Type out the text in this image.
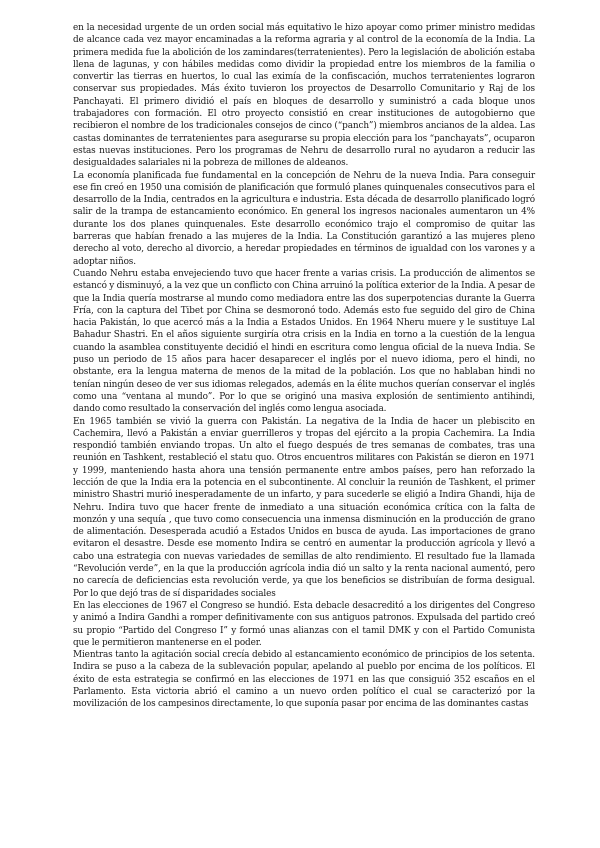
en la necesidad urgente de un orden social más equitativo le hizo apoyar como primer ministro medidas de alcance cada vez mayor encaminadas a la reforma agraria y al control de la economía de la India. La primera medida fue la abolición de los zamindares(terratenientes). Pero la legislación de abolición estaba llena de lagunas, y con hábiles medidas como dividir la propiedad entre los miembros de la familia o convertir las tierras en huertos, lo cual las eximía de la confiscación, muchos terratenientes lograron conservar sus propiedades. Más éxito tuvieron los proyectos de Desarrollo Comunitario y Raj de los Panchayati. El primero dividió el país en bloques de desarrollo y suministró a cada bloque unos trabajadores con formación. El otro proyecto consistió en crear instituciones de autogobierno que recibieron el nombre de los tradicionales consejos de cinco (“panch”) miembros ancianos de la aldea. Las castas dominantes de terratenientes para asegurarse su propia elección para los “panchayats”, ocuparon estas nuevas instituciones. Pero los programas de Nehru de desarrollo rural no ayudaron a reducir las desigualdades salariales ni la pobreza de millones de aldeanos.

La economía planificada fue fundamental en la concepción de Nehru de la nueva India. Para conseguir ese fin creó en 1950 una comisión de planificación que formuló planes quinquenales consecutivos para el desarrollo de la India, centrados en la agricultura e industria. Esta década de desarrollo planificado logró salir de la trampa de estancamiento económico. En general los ingresos nacionales aumentaron un 4% durante los dos planes quinquenales. Este desarrollo económico trajo el compromiso de quitar las barreras que habían frenado a las mujeres de la India. La Constitución garantizó a las mujeres pleno derecho al voto, derecho al divorcio, a heredar propiedades en términos de igualdad con los varones y a adoptar niños.

Cuando Nehru estaba envejeciendo tuvo que hacer frente a varias crisis. La producción de alimentos se estancó y disminuyó, a la vez que un conflicto con China arruinó la política exterior de la India. A pesar de que la India quería mostrarse al mundo como mediadora entre las dos superpotencias durante la Guerra Fría, con la captura del Tibet por China se desmoronó todo. Además esto fue seguido del giro de China hacia Pakistán, lo que acercó más a la India a Estados Unidos. En 1964 Nheru muere y le sustituye Lal Bahadur Shastri. En el años siguiente surgiría otra crisis en la India en torno a la cuestión de la lengua cuando la asamblea constituyente decidió el hindi en escritura como lengua oficial de la nueva India. Se puso un periodo de 15 años para hacer desaparecer el inglés por el nuevo idioma, pero el hindi, no obstante, era la lengua materna de menos de la mitad de la población. Los que no hablaban hindi no tenían ningún deseo de ver sus idiomas relegados, además en la élite muchos querían conservar el inglés como una “ventana al mundo”. Por lo que se originó una masiva explosión de sentimiento antihindi, dando como resultado la conservación del inglés como lengua asociada.

En 1965 también se vivió la guerra con Pakistán. La negativa de la India de hacer un plebiscito en Cachemira, llevó a Pakistán a enviar guerrilleros y tropas del ejército a la propia Cachemira. La India respondió también enviando tropas. Un alto el fuego después de tres semanas de combates, tras una reunión en Tashkent, restableció el statu quo. Otros encuentros militares con Pakistán se dieron en 1971 y 1999, manteniendo hasta ahora una tensión permanente entre ambos países, pero han reforzado la lección de que la India era la potencia en el subcontinente. Al concluir la reunión de Tashkent, el primer ministro Shastri murió inesperadamente de un infarto, y para sucederle se eligió a Indira Ghandi, hija de Nehru. Indira tuvo que hacer frente de inmediato a una situación económica crítica con la falta de monzón y una sequía , que tuvo como consecuencia una inmensa disminución en la producción de grano de alimentación. Desesperada acudió a Estados Unidos en busca de ayuda. Las importaciones de grano evitaron el desastre. Desde ese momento Indira se centró en aumentar la producción agrícola y llevó a cabo una estrategia con nuevas variedades de semillas de alto rendimiento. El resultado fue la llamada “Revolución verde”, en la que la producción agrícola india dió un salto y la renta nacional aumentó, pero no carecía de deficiencias esta revolución verde, ya que los beneficios se distribuían de forma desigual. Por lo que dejó tras de sí disparidades sociales

En las elecciones de 1967 el Congreso se hundió. Esta debacle desacreditó a los dirigentes del Congreso y animó a Indira Gandhi a romper definitivamente con sus antiguos patronos. Expulsada del partido creó su propio “Partido del Congreso I” y formó unas alianzas con el tamil DMK y con el Partido Comunista que le permitieron mantenerse en el poder.

Mientras tanto la agitación social crecía debido al estancamiento económico de principios de los setenta. Indira se puso a la cabeza de la sublevación popular, apelando al pueblo por encima de los políticos. El éxito de esta estrategia se confirmó en las elecciones de 1971 en las que consiguió 352 escaños en el Parlamento. Esta victoria abrió el camino a un nuevo orden político el cual se caracterizó por la movilización de los campesinos directamente, lo que suponía pasar por encima de las dominantes castas
